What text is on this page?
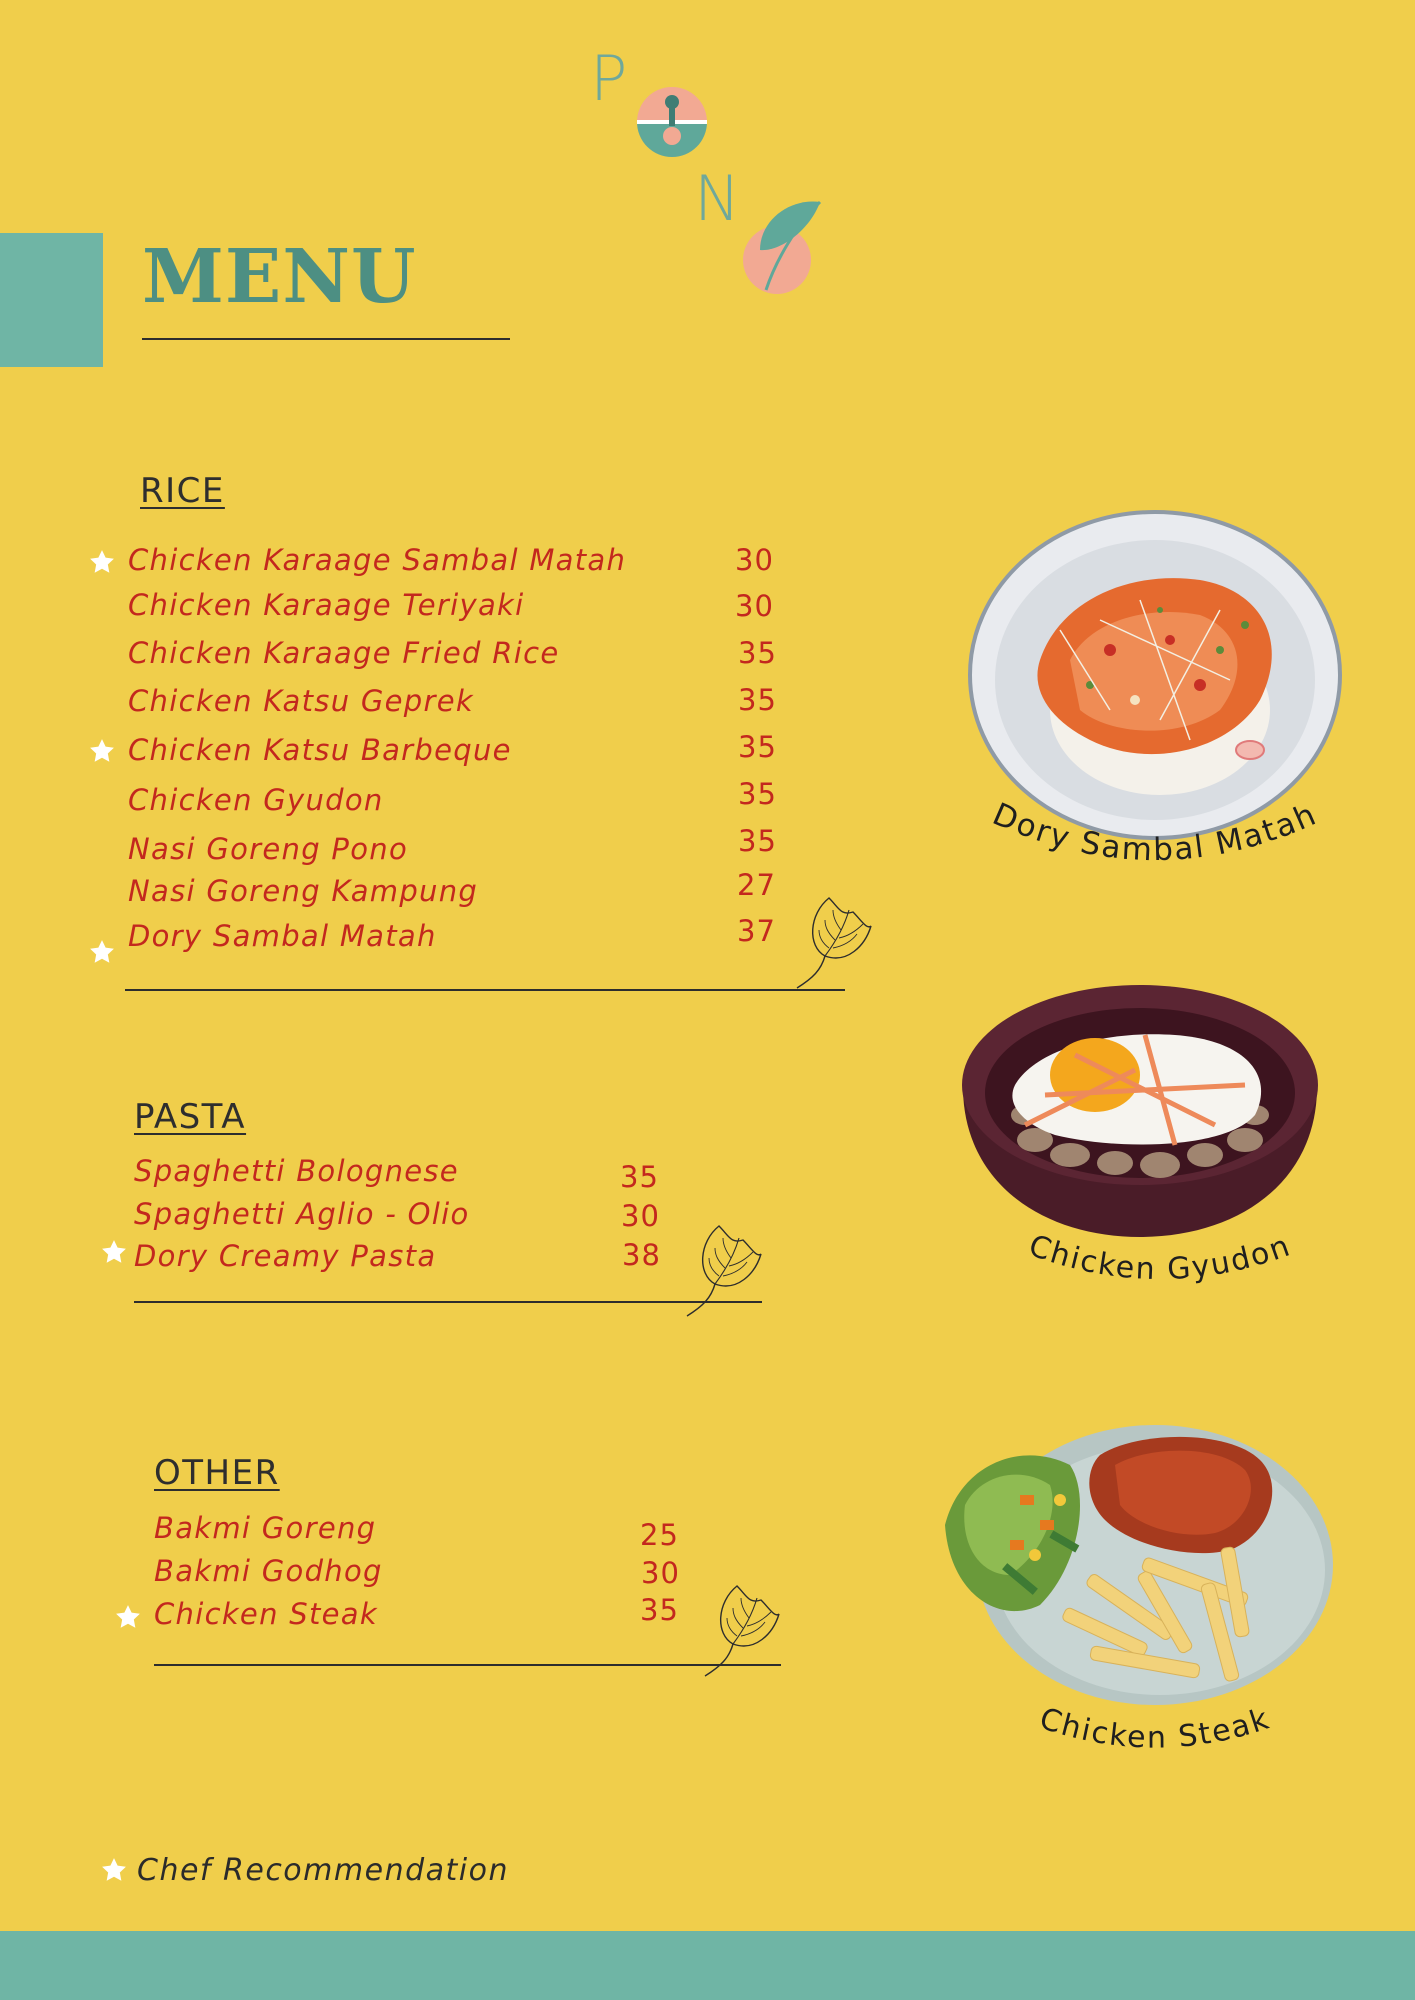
P
N
PONO
MENU
RICE
Chicken Karaage Sambal Matah	30
Chicken Karaage Teriyaki	30
Chicken Karaage Fried Rice	35
Chicken Katsu Geprek	35
Chicken Katsu Barbeque	35
Chicken Gyudon	35
Nasi Goreng Pono	35
Nasi Goreng Kampung	27
Dory Sambal Matah	37
PASTA
Spaghetti Bolognese	35
Spaghetti Aglio - Olio	30
Dory Creamy Pasta	38
OTHER
Bakmi Goreng	25
Bakmi Godhog	30
Chicken Steak	35
Dory Sambal Matah
Chicken Gyudon
Chicken Steak
Chef Recommendation
